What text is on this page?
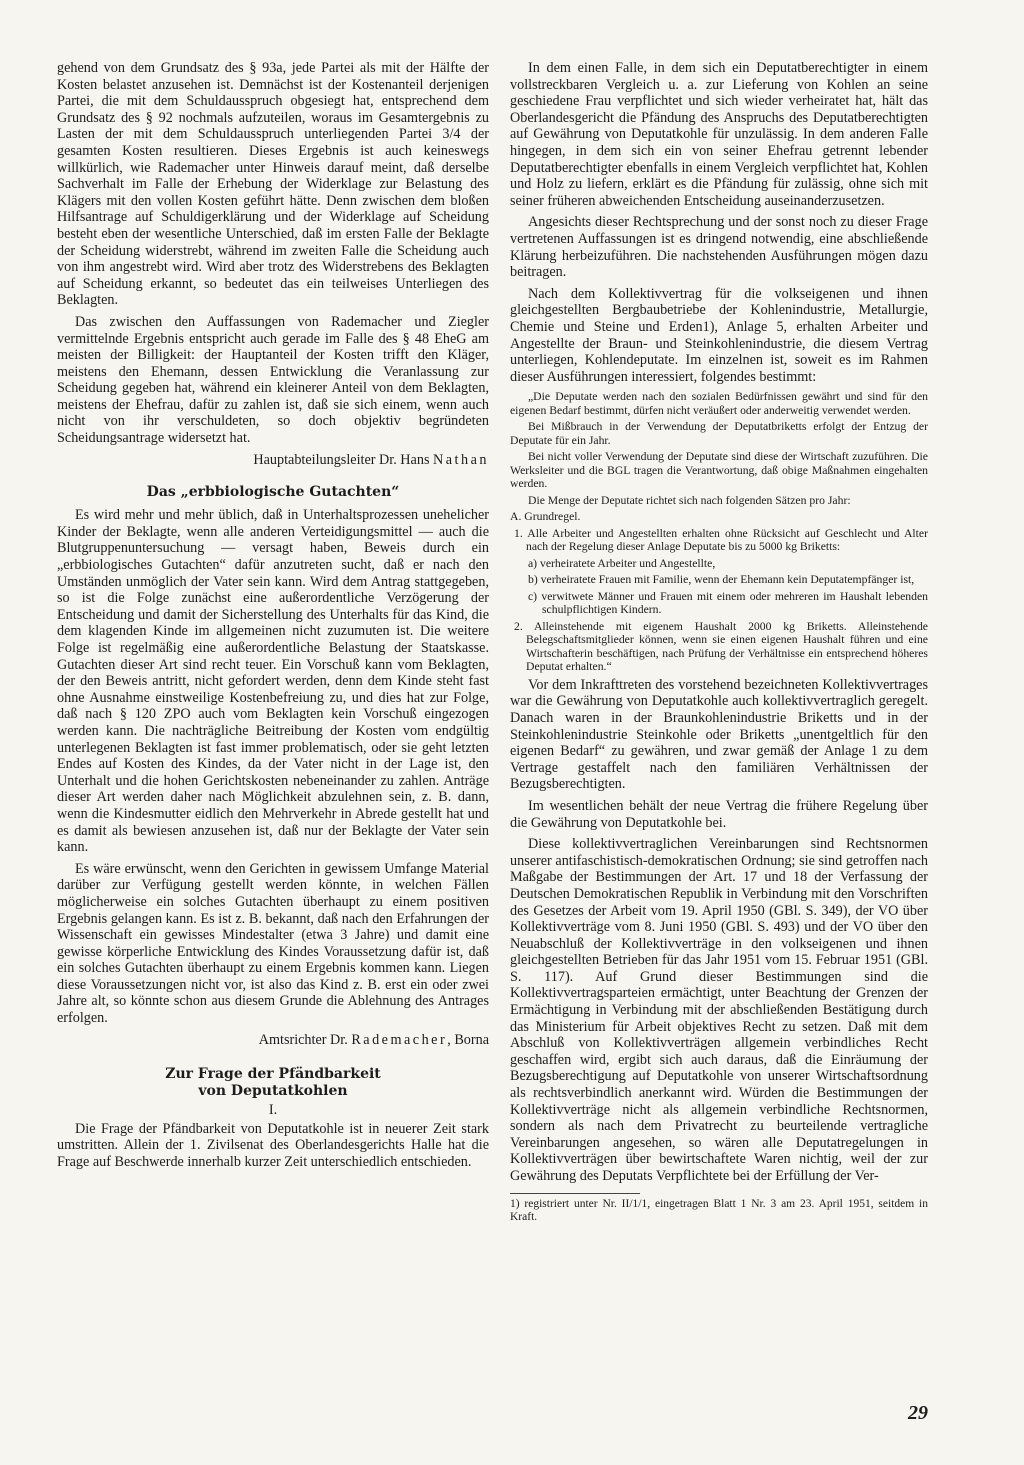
gehend von dem Grundsatz des § 93a, jede Partei als mit der Hälfte der Kosten belastet anzusehen ist. Demnächst ist der Kostenanteil derjenigen Partei, die mit dem Schuldausspruch obgesiegt hat, entsprechend dem Grundsatz des § 92 nochmals aufzuteilen, woraus im Gesamtergebnis zu Lasten der mit dem Schuldausspruch unterliegenden Partei 3/4 der gesamten Kosten resultieren. Dieses Ergebnis ist auch keineswegs willkürlich, wie Rademacher unter Hinweis darauf meint, daß derselbe Sachverhalt im Falle der Erhebung der Widerklage zur Belastung des Klägers mit den vollen Kosten geführt hätte. Denn zwischen dem bloßen Hilfsantrage auf Schuldigerklärung und der Widerklage auf Scheidung besteht eben der wesentliche Unterschied, daß im ersten Falle der Beklagte der Scheidung widerstrebt, während im zweiten Falle die Scheidung auch von ihm angestrebt wird. Wird aber trotz des Widerstrebens des Beklagten auf Scheidung erkannt, so bedeutet das ein teilweises Unterliegen des Beklagten.

Das zwischen den Auffassungen von Rademacher und Ziegler vermittelnde Ergebnis entspricht auch gerade im Falle des § 48 EheG am meisten der Billigkeit: der Hauptanteil der Kosten trifft den Kläger, meistens den Ehemann, dessen Entwicklung die Veranlassung zur Scheidung gegeben hat, während ein kleinerer Anteil von dem Beklagten, meistens der Ehefrau, dafür zu zahlen ist, daß sie sich einem, wenn auch nicht von ihr verschuldeten, so doch objektiv begründeten Scheidungsantrage widersetzt hat.

Hauptabteilungsleiter Dr. Hans Nathan

Das „erbbiologische Gutachten“

Es wird mehr und mehr üblich, daß in Unterhaltsprozessen unehelicher Kinder der Beklagte, wenn alle anderen Verteidigungsmittel — auch die Blutgruppenuntersuchung — versagt haben, Beweis durch ein „erbbiologisches Gutachten“ dafür anzutreten sucht, daß er nach den Umständen unmöglich der Vater sein kann. Wird dem Antrag stattgegeben, so ist die Folge zunächst eine außerordentliche Verzögerung der Entscheidung und damit der Sicherstellung des Unterhalts für das Kind, die dem klagenden Kinde im allgemeinen nicht zuzumuten ist. Die weitere Folge ist regelmäßig eine außerordentliche Belastung der Staatskasse. Gutachten dieser Art sind recht teuer. Ein Vorschuß kann vom Beklagten, der den Beweis antritt, nicht gefordert werden, denn dem Kinde steht fast ohne Ausnahme einstweilige Kostenbefreiung zu, und dies hat zur Folge, daß nach § 120 ZPO auch vom Beklagten kein Vorschuß eingezogen werden kann. Die nachträgliche Beitreibung der Kosten vom endgültig unterlegenen Beklagten ist fast immer problematisch, oder sie geht letzten Endes auf Kosten des Kindes, da der Vater nicht in der Lage ist, den Unterhalt und die hohen Gerichtskosten nebeneinander zu zahlen. Anträge dieser Art werden daher nach Möglichkeit abzulehnen sein, z. B. dann, wenn die Kindesmutter eidlich den Mehrverkehr in Abrede gestellt hat und es damit als bewiesen anzusehen ist, daß nur der Beklagte der Vater sein kann.

Es wäre erwünscht, wenn den Gerichten in gewissem Umfange Material darüber zur Verfügung gestellt werden könnte, in welchen Fällen möglicherweise ein solches Gutachten überhaupt zu einem positiven Ergebnis gelangen kann. Es ist z. B. bekannt, daß nach den Erfahrungen der Wissenschaft ein gewisses Mindestalter (etwa 3 Jahre) und damit eine gewisse körperliche Entwicklung des Kindes Voraussetzung dafür ist, daß ein solches Gutachten überhaupt zu einem Ergebnis kommen kann. Liegen diese Voraussetzungen nicht vor, ist also das Kind z. B. erst ein oder zwei Jahre alt, so könnte schon aus diesem Grunde die Ablehnung des Antrages erfolgen.

Amtsrichter Dr. Rademacher, Borna

Zur Frage der Pfändbarkeit
von Deputatkohlen

I.

Die Frage der Pfändbarkeit von Deputatkohle ist in neuerer Zeit stark umstritten. Allein der 1. Zivilsenat des Oberlandesgerichts Halle hat die Frage auf Beschwerde innerhalb kurzer Zeit unterschiedlich entschieden.

In dem einen Falle, in dem sich ein Deputatberechtigter in einem vollstreckbaren Vergleich u. a. zur Lieferung von Kohlen an seine geschiedene Frau verpflichtet und sich wieder verheiratet hat, hält das Oberlandesgericht die Pfändung des Anspruchs des Deputatberechtigten auf Gewährung von Deputatkohle für unzulässig. In dem anderen Falle hingegen, in dem sich ein von seiner Ehefrau getrennt lebender Deputatberechtigter ebenfalls in einem Vergleich verpflichtet hat, Kohlen und Holz zu liefern, erklärt es die Pfändung für zulässig, ohne sich mit seiner früheren abweichenden Entscheidung auseinanderzusetzen.

Angesichts dieser Rechtsprechung und der sonst noch zu dieser Frage vertretenen Auffassungen ist es dringend notwendig, eine abschließende Klärung herbeizuführen. Die nachstehenden Ausführungen mögen dazu beitragen.

Nach dem Kollektivvertrag für die volkseigenen und ihnen gleichgestellten Bergbaubetriebe der Kohlenindustrie, Metallurgie, Chemie und Steine und Erden1), Anlage 5, erhalten Arbeiter und Angestellte der Braun- und Steinkohlenindustrie, die diesem Vertrag unterliegen, Kohlendeputate. Im einzelnen ist, soweit es im Rahmen dieser Ausführungen interessiert, folgendes bestimmt:

„Die Deputate werden nach den sozialen Bedürfnissen gewährt und sind für den eigenen Bedarf bestimmt, dürfen nicht veräußert oder anderweitig verwendet werden.

Bei Mißbrauch in der Verwendung der Deputatbriketts erfolgt der Entzug der Deputate für ein Jahr.

Bei nicht voller Verwendung der Deputate sind diese der Wirtschaft zuzuführen. Die Werksleiter und die BGL tragen die Verantwortung, daß obige Maßnahmen eingehalten werden.

Die Menge der Deputate richtet sich nach folgenden Sätzen pro Jahr:

A. Grundregel.

1. Alle Arbeiter und Angestellten erhalten ohne Rücksicht auf Geschlecht und Alter nach der Regelung dieser Anlage Deputate bis zu 5000 kg Briketts:

a) verheiratete Arbeiter und Angestellte,

b) verheiratete Frauen mit Familie, wenn der Ehemann kein Deputatempfänger ist,

c) verwitwete Männer und Frauen mit einem oder mehreren im Haushalt lebenden schulpflichtigen Kindern.

2. Alleinstehende mit eigenem Haushalt 2000 kg Briketts. Alleinstehende Belegschaftsmitglieder können, wenn sie einen eigenen Haushalt führen und eine Wirtschafterin beschäftigen, nach Prüfung der Verhältnisse ein entsprechend höheres Deputat erhalten.“

Vor dem Inkrafttreten des vorstehend bezeichneten Kollektivvertrages war die Gewährung von Deputatkohle auch kollektivvertraglich geregelt. Danach waren in der Braunkohlenindustrie Briketts und in der Steinkohlenindustrie Steinkohle oder Briketts „unentgeltlich für den eigenen Bedarf“ zu gewähren, und zwar gemäß der Anlage 1 zu dem Vertrage gestaffelt nach den familiären Verhältnissen der Bezugsberechtigten.

Im wesentlichen behält der neue Vertrag die frühere Regelung über die Gewährung von Deputatkohle bei.

Diese kollektivvertraglichen Vereinbarungen sind Rechtsnormen unserer antifaschistisch-demokratischen Ordnung; sie sind getroffen nach Maßgabe der Bestimmungen der Art. 17 und 18 der Verfassung der Deutschen Demokratischen Republik in Verbindung mit den Vorschriften des Gesetzes der Arbeit vom 19. April 1950 (GBl. S. 349), der VO über Kollektivverträge vom 8. Juni 1950 (GBl. S. 493) und der VO über den Neuabschluß der Kollektivverträge in den volkseigenen und ihnen gleichgestellten Betrieben für das Jahr 1951 vom 15. Februar 1951 (GBl. S. 117). Auf Grund dieser Bestimmungen sind die Kollektivvertragsparteien ermächtigt, unter Beachtung der Grenzen der Ermächtigung in Verbindung mit der abschließenden Bestätigung durch das Ministerium für Arbeit objektives Recht zu setzen. Daß mit dem Abschluß von Kollektivverträgen allgemein verbindliches Recht geschaffen wird, ergibt sich auch daraus, daß die Einräumung der Bezugsberechtigung auf Deputatkohle von unserer Wirtschaftsordnung als rechtsverbindlich anerkannt wird. Würden die Bestimmungen der Kollektivverträge nicht als allgemein verbindliche Rechtsnormen, sondern als nach dem Privatrecht zu beurteilende vertragliche Vereinbarungen angesehen, so wären alle Deputatregelungen in Kollektivverträgen über bewirtschaftete Waren nichtig, weil der zur Gewährung des Deputats Verpflichtete bei der Erfüllung der Ver-

1) registriert unter Nr. II/1/1, eingetragen Blatt 1 Nr. 3 am 23. April 1951, seitdem in Kraft.

29
